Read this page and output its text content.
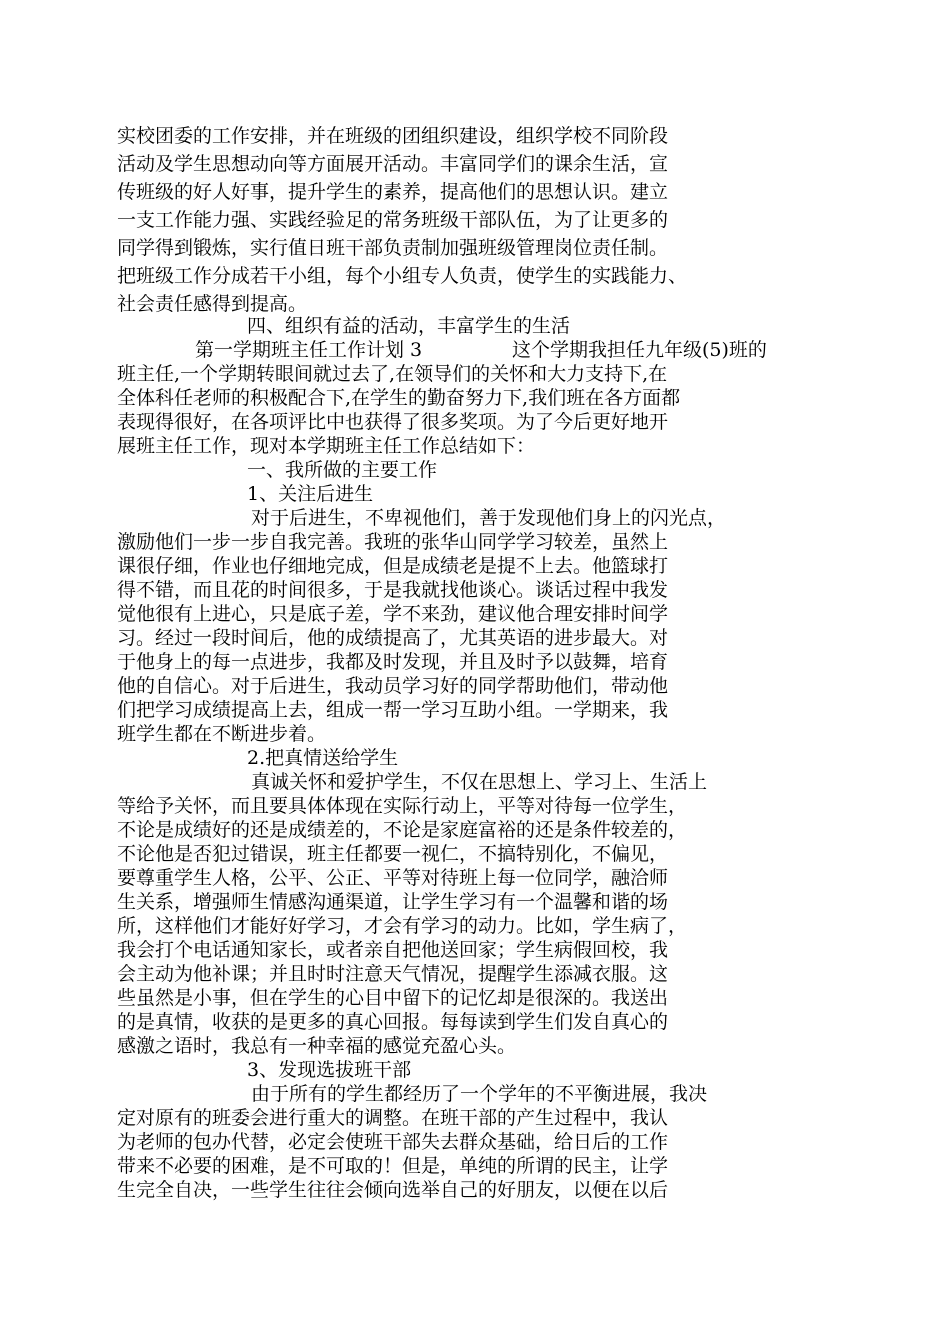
实校团委的工作安排，并在班级的团组织建设，组织学校不同阶段
活动及学生思想动向等方面展开活动。丰富同学们的课余生活，宣
传班级的好人好事，提升学生的素养，提高他们的思想认识。建立
一支工作能力强、实践经验足的常务班级干部队伍，为了让更多的
同学得到锻炼，实行值日班干部负责制加强班级管理岗位责任制。
把班级工作分成若干小组，每个小组专人负责，使学生的实践能力、
社会责任感得到提高。
四、组织有益的活动，丰富学生的生活
第一学期班主任工作计划 3	这个学期我担任九年级(5)班的
班主任,一个学期转眼间就过去了,在领导们的关怀和大力支持下,在
全体科任老师的积极配合下,在学生的勤奋努力下,我们班在各方面都
表现得很好，在各项评比中也获得了很多奖项。为了今后更好地开
展班主任工作，现对本学期班主任工作总结如下：
一、我所做的主要工作
1、关注后进生
对于后进生，不卑视他们，善于发现他们身上的闪光点，
激励他们一步一步自我完善。我班的张华山同学学习较差，虽然上
课很仔细，作业也仔细地完成，但是成绩老是提不上去。他篮球打
得不错，而且花的时间很多，于是我就找他谈心。谈话过程中我发
觉他很有上进心，只是底子差，学不来劲，建议他合理安排时间学
习。经过一段时间后，他的成绩提高了，尤其英语的进步最大。对
于他身上的每一点进步，我都及时发现，并且及时予以鼓舞，培育
他的自信心。对于后进生，我动员学习好的同学帮助他们，带动他
们把学习成绩提高上去，组成一帮一学习互助小组。一学期来，我
班学生都在不断进步着。
2.把真情送给学生
真诚关怀和爱护学生，不仅在思想上、学习上、生活上
等给予关怀，而且要具体体现在实际行动上，平等对待每一位学生，
不论是成绩好的还是成绩差的，不论是家庭富裕的还是条件较差的，
不论他是否犯过错误，班主任都要一视仁，不搞特别化，不偏见，
要尊重学生人格，公平、公正、平等对待班上每一位同学，融洽师
生关系，增强师生情感沟通渠道，让学生学习有一个温馨和谐的场
所，这样他们才能好好学习，才会有学习的动力。比如，学生病了，
我会打个电话通知家长，或者亲自把他送回家；学生病假回校，我
会主动为他补课；并且时时注意天气情况，提醒学生添减衣服。这
些虽然是小事，但在学生的心目中留下的记忆却是很深的。我送出
的是真情，收获的是更多的真心回报。每每读到学生们发自真心的
感激之语时，我总有一种幸福的感觉充盈心头。
3、发现选拔班干部
由于所有的学生都经历了一个学年的不平衡进展，我决
定对原有的班委会进行重大的调整。在班干部的产生过程中，我认
为老师的包办代替，必定会使班干部失去群众基础，给日后的工作
带来不必要的困难，是不可取的！但是，单纯的所谓的民主，让学
生完全自决，一些学生往往会倾向选举自己的好朋友，以便在以后
